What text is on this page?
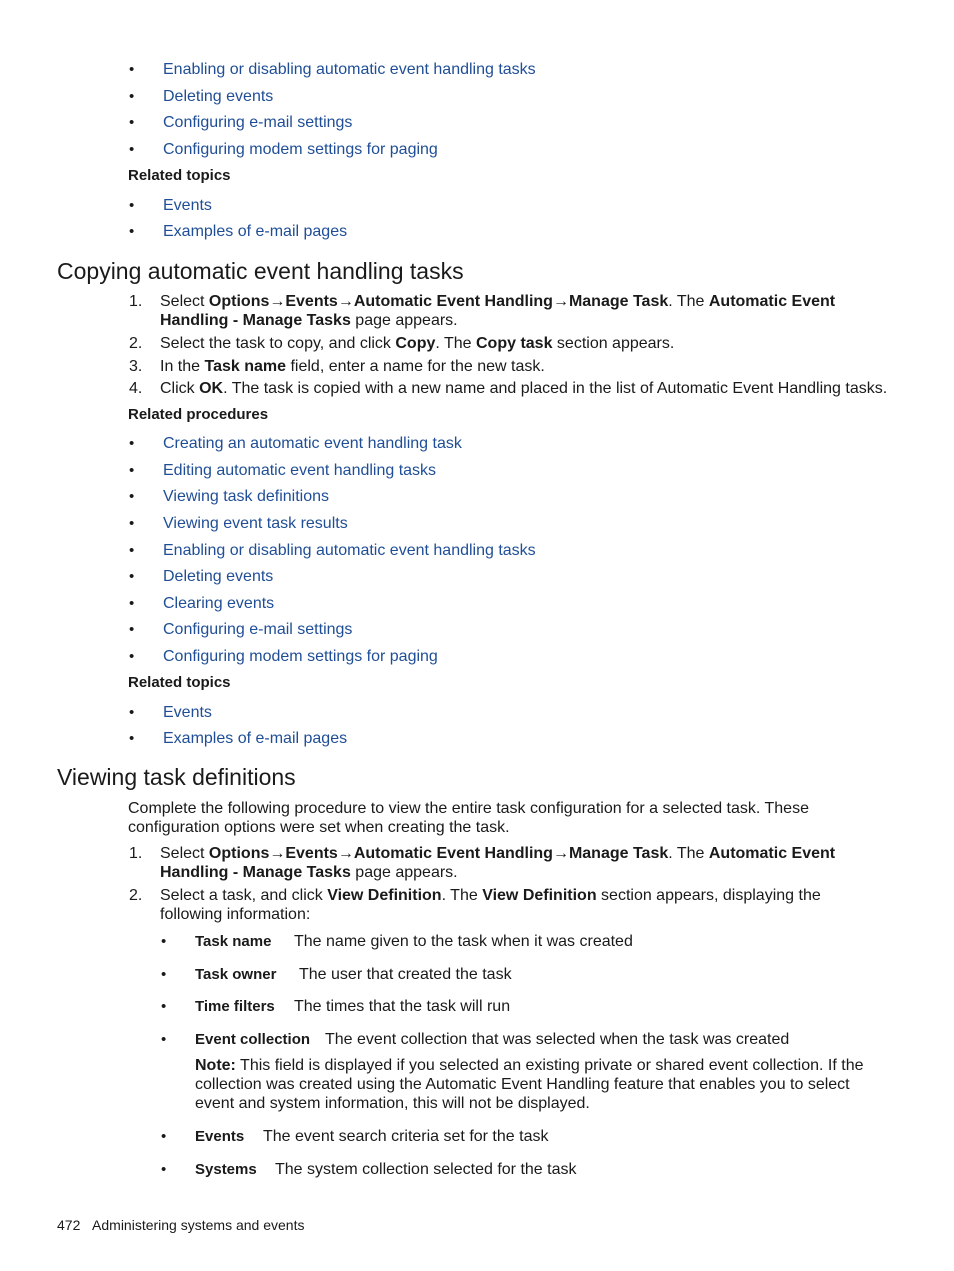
• Enabling or disabling automatic event handling tasks
• Deleting events
• Configuring e-mail settings
• Configuring modem settings for paging
Related topics
• Events
• Examples of e-mail pages
Copying automatic event handling tasks
1. Select Options→Events→Automatic Event Handling→Manage Task. The Automatic Event Handling - Manage Tasks page appears.
2. Select the task to copy, and click Copy. The Copy task section appears.
3. In the Task name field, enter a name for the new task.
4. Click OK. The task is copied with a new name and placed in the list of Automatic Event Handling tasks.
Related procedures
• Creating an automatic event handling task
• Editing automatic event handling tasks
• Viewing task definitions
• Viewing event task results
• Enabling or disabling automatic event handling tasks
• Deleting events
• Clearing events
• Configuring e-mail settings
• Configuring modem settings for paging
Related topics
• Events
• Examples of e-mail pages
Viewing task definitions
Complete the following procedure to view the entire task configuration for a selected task. These configuration options were set when creating the task.
1. Select Options→Events→Automatic Event Handling→Manage Task. The Automatic Event Handling - Manage Tasks page appears.
2. Select a task, and click View Definition. The View Definition section appears, displaying the following information:
• Task name The name given to the task when it was created
• Task owner The user that created the task
• Time filters The times that the task will run
• Event collection The event collection that was selected when the task was created
Note: This field is displayed if you selected an existing private or shared event collection. If the collection was created using the Automatic Event Handling feature that enables you to select event and system information, this will not be displayed.
• Events The event search criteria set for the task
• Systems The system collection selected for the task
472 Administering systems and events
